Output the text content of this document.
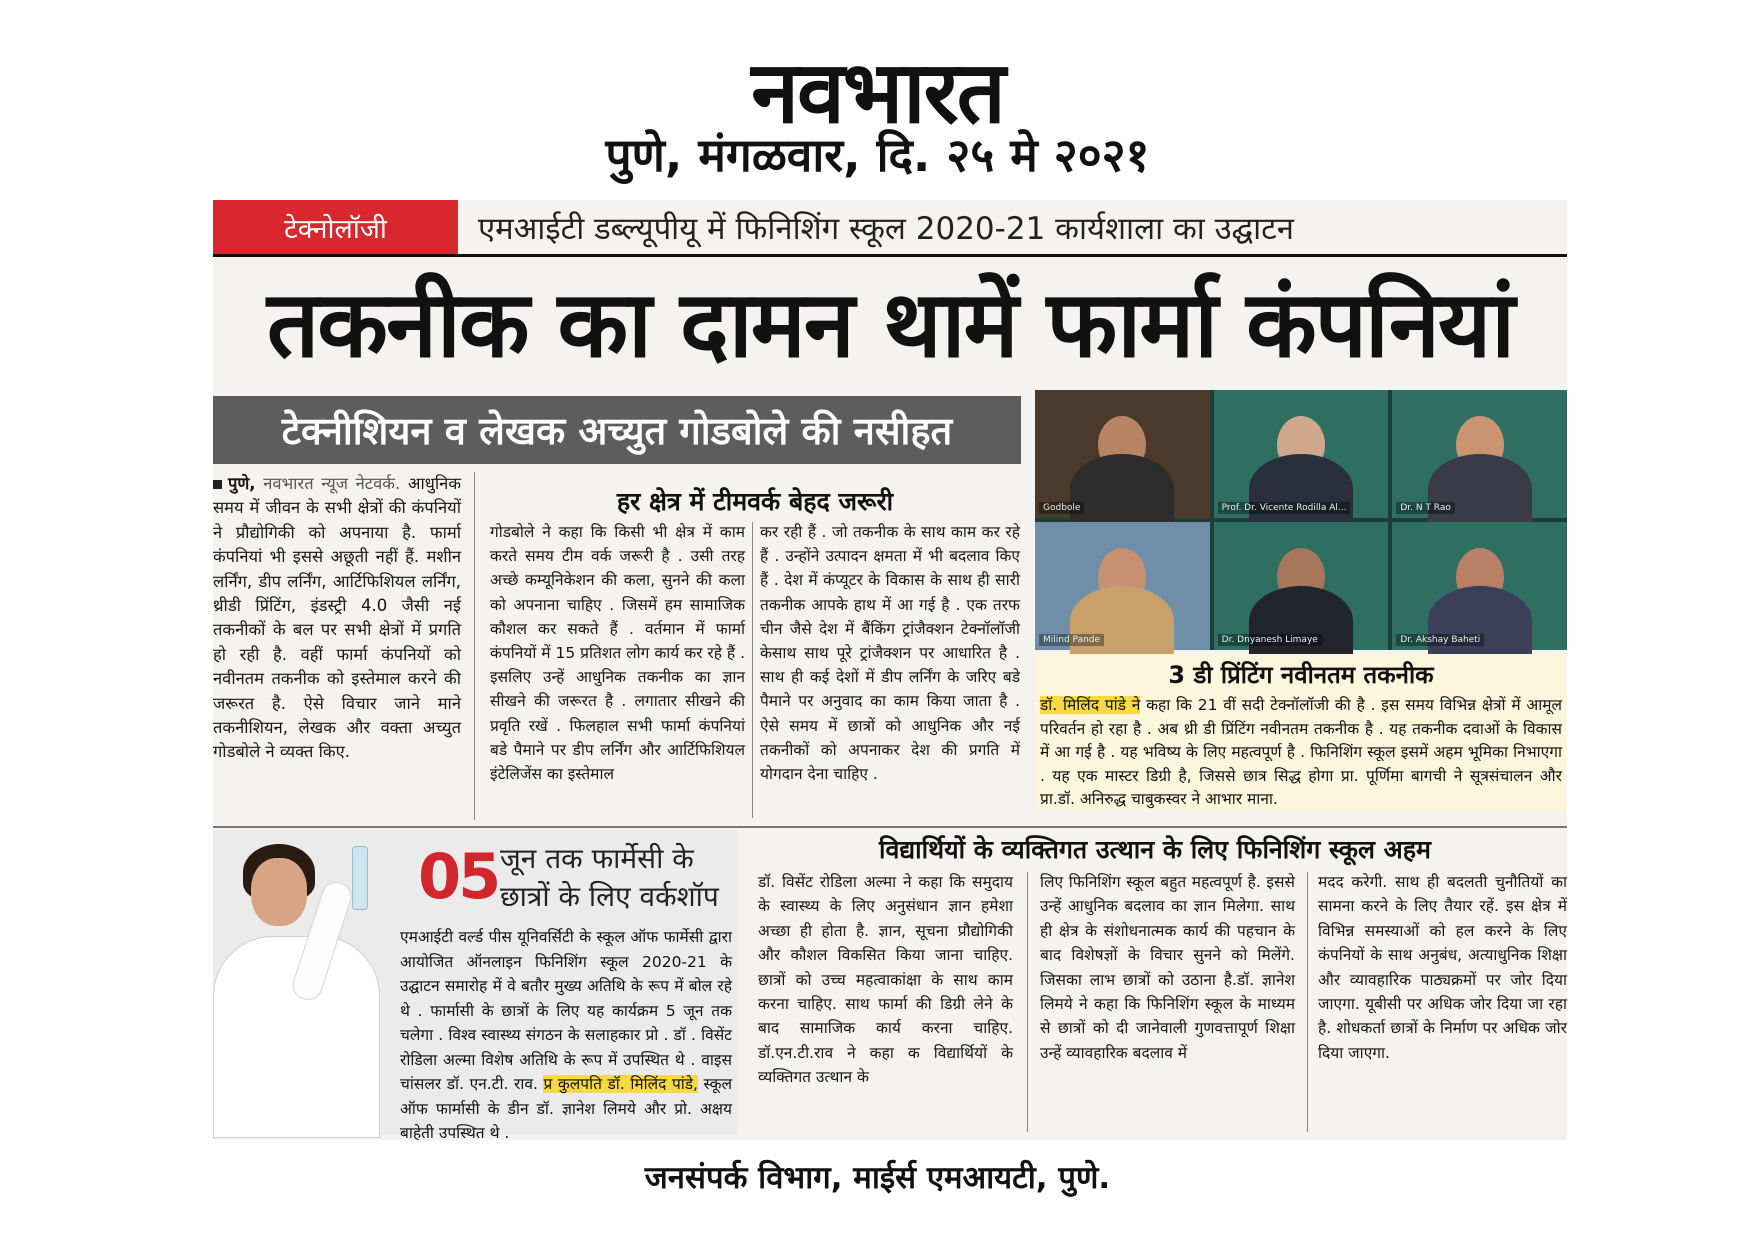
नवभारत
पुणे, मंगळवार, दि. २५ मे २०२१
टेक्नोलॉजी	एमआईटी डब्ल्यूपीयू में फिनिशिंग स्कूल 2020-21 कार्यशाला का उद्घाटन
तकनीक का दामन थामें फार्मा कंपनियां
टेक्नीशियन व लेखक अच्युत गोडबोले की नसीहत
पुणे, नवभारत न्यूज नेटवर्क. आधुनिक समय में जीवन के सभी क्षेत्रों की कंपनियों ने प्रौद्योगिकी को अपनाया है. फार्मा कंपनियां भी इससे अछूती नहीं हैं. मशीन लर्निंग, डीप लर्निंग, आर्टिफिशियल लर्निंग, थ्रीडी प्रिंटिंग, इंडस्ट्री 4.0 जैसी नई तकनीकों के बल पर सभी क्षेत्रों में प्रगति हो रही है. वहीं फार्मा कंपनियों को नवीनतम तकनीक को इस्तेमाल करने की जरूरत है. ऐसे विचार जाने माने तकनीशियन, लेखक और वक्ता अच्युत गोडबोले ने व्यक्त किए.
हर क्षेत्र में टीमवर्क बेहद जरूरी
गोडबोले ने कहा कि किसी भी क्षेत्र में काम करते समय टीम वर्क जरूरी है . उसी तरह अच्छे कम्यूनिकेशन की कला, सुनने की कला को अपनाना चाहिए . जिसमें हम सामाजिक कौशल कर सकते हैं . वर्तमान में फार्मा कंपनियों में 15 प्रतिशत लोग कार्य कर रहे हैं . इसलिए उन्हें आधुनिक तकनीक का ज्ञान सीखने की जरूरत है . लगातार सीखने की प्रवृति रखें . फिलहाल सभी फार्मा कंपनियां बडे पैमाने पर डीप लर्निंग और आर्टिफिशियल इंटेलिजेंस का इस्तेमाल
कर रही हैं . जो तकनीक के साथ काम कर रहे हैं . उन्होंने उत्पादन क्षमता में भी बदलाव किए हैं . देश में कंप्यूटर के विकास के साथ ही सारी तकनीक आपके हाथ में आ गई है . एक तरफ चीन जैसे देश में बैंकिंग ट्रांजैक्शन टेक्नॉलॉजी केसाथ साथ पूरे ट्रांजैक्शन पर आधारित है . साथ ही कई देशों में डीप लर्निंग के जरिए बडे पैमाने पर अनुवाद का काम किया जाता है . ऐसे समय में छात्रों को आधुनिक और नई तकनीकों को अपनाकर देश की प्रगति में योगदान देना चाहिए .
Godbole	Prof. Dr. Vicente Rodilla Al...	Dr. N T Rao
Milind Pande	Dr. Dnyanesh Limaye	Dr. Akshay Baheti
3 डी प्रिंटिंग नवीनतम तकनीक
डॉ. मिलिंद पांडे ने कहा कि 21 वीं सदी टेक्नॉलॉजी की है . इस समय विभिन्न क्षेत्रों में आमूल परिवर्तन हो रहा है . अब थ्री डी प्रिंटिंग नवीनतम तकनीक है . यह तकनीक दवाओं के विकास में आ गई है . यह भविष्य के लिए महत्वपूर्ण है . फिनिशिंग स्कूल इसमें अहम भूमिका निभाएगा . यह एक मास्टर डिग्री है, जिससे छात्र सिद्ध होगा प्रा. पूर्णिमा बागची ने सूत्रसंचालन और प्रा.डॉ. अनिरुद्ध चाबुकस्वर ने आभार माना.
05 जून तक फार्मेसी के छात्रों के लिए वर्कशॉप
एमआईटी वर्ल्ड पीस यूनिवर्सिटी के स्कूल ऑफ फार्मेसी द्वारा आयोजित ऑनलाइन फिनिशिंग स्कूल 2020-21 के उद्घाटन समारोह में वे बतौर मुख्य अतिथि के रूप में बोल रहे थे . फार्मासी के छात्रों के लिए यह कार्यक्रम 5 जून तक चलेगा . विश्व स्वास्थ्य संगठन के सलाहकार प्रो . डॉ . विसेंट रोडिला अल्मा विशेष अतिथि के रूप में उपस्थित थे . वाइस चांसलर डॉ. एन.टी. राव. प्र कुलपति डॉ. मिलिंद पांडे, स्कूल ऑफ फार्मासी के डीन डॉ. ज्ञानेश लिमये और प्रो. अक्षय बाहेती उपस्थित थे .
विद्यार्थियों के व्यक्तिगत उत्थान के लिए फिनिशिंग स्कूल अहम
डॉ. विसेंट रोडिला अल्मा ने कहा कि समुदाय के स्वास्थ्य के लिए अनुसंधान ज्ञान हमेशा अच्छा ही होता है. ज्ञान, सूचना प्रौद्योगिकी और कौशल विकसित किया जाना चाहिए. छात्रों को उच्च महत्वाकांक्षा के साथ काम करना चाहिए. साथ फार्मा की डिग्री लेने के बाद सामाजिक कार्य करना चाहिए. डॉ.एन.टी.राव ने कहा क विद्यार्थियों के व्यक्तिगत उत्थान के
लिए फिनिशिंग स्कूल बहुत महत्वपूर्ण है. इससे उन्हें आधुनिक बदलाव का ज्ञान मिलेगा. साथ ही क्षेत्र के संशोधनात्मक कार्य की पहचान के बाद विशेषज्ञों के विचार सुनने को मिलेंगे. जिसका लाभ छात्रों को उठाना है.डॉ. ज्ञानेश लिमये ने कहा कि फिनिशिंग स्कूल के माध्यम से छात्रों को दी जानेवाली गुणवत्तापूर्ण शिक्षा उन्हें व्यावहारिक बदलाव में
मदद करेगी. साथ ही बदलती चुनौतियों का सामना करने के लिए तैयार रहें. इस क्षेत्र में विभिन्न समस्याओं को हल करने के लिए कंपनियों के साथ अनुबंध, अत्याधुनिक शिक्षा और व्यावहारिक पाठ्यक्रमों पर जोर दिया जाएगा. यूबीसी पर अधिक जोर दिया जा रहा है. शोधकर्ता छात्रों के निर्माण पर अधिक जोर दिया जाएगा.
जनसंपर्क विभाग, माईर्स एमआयटी, पुणे.
